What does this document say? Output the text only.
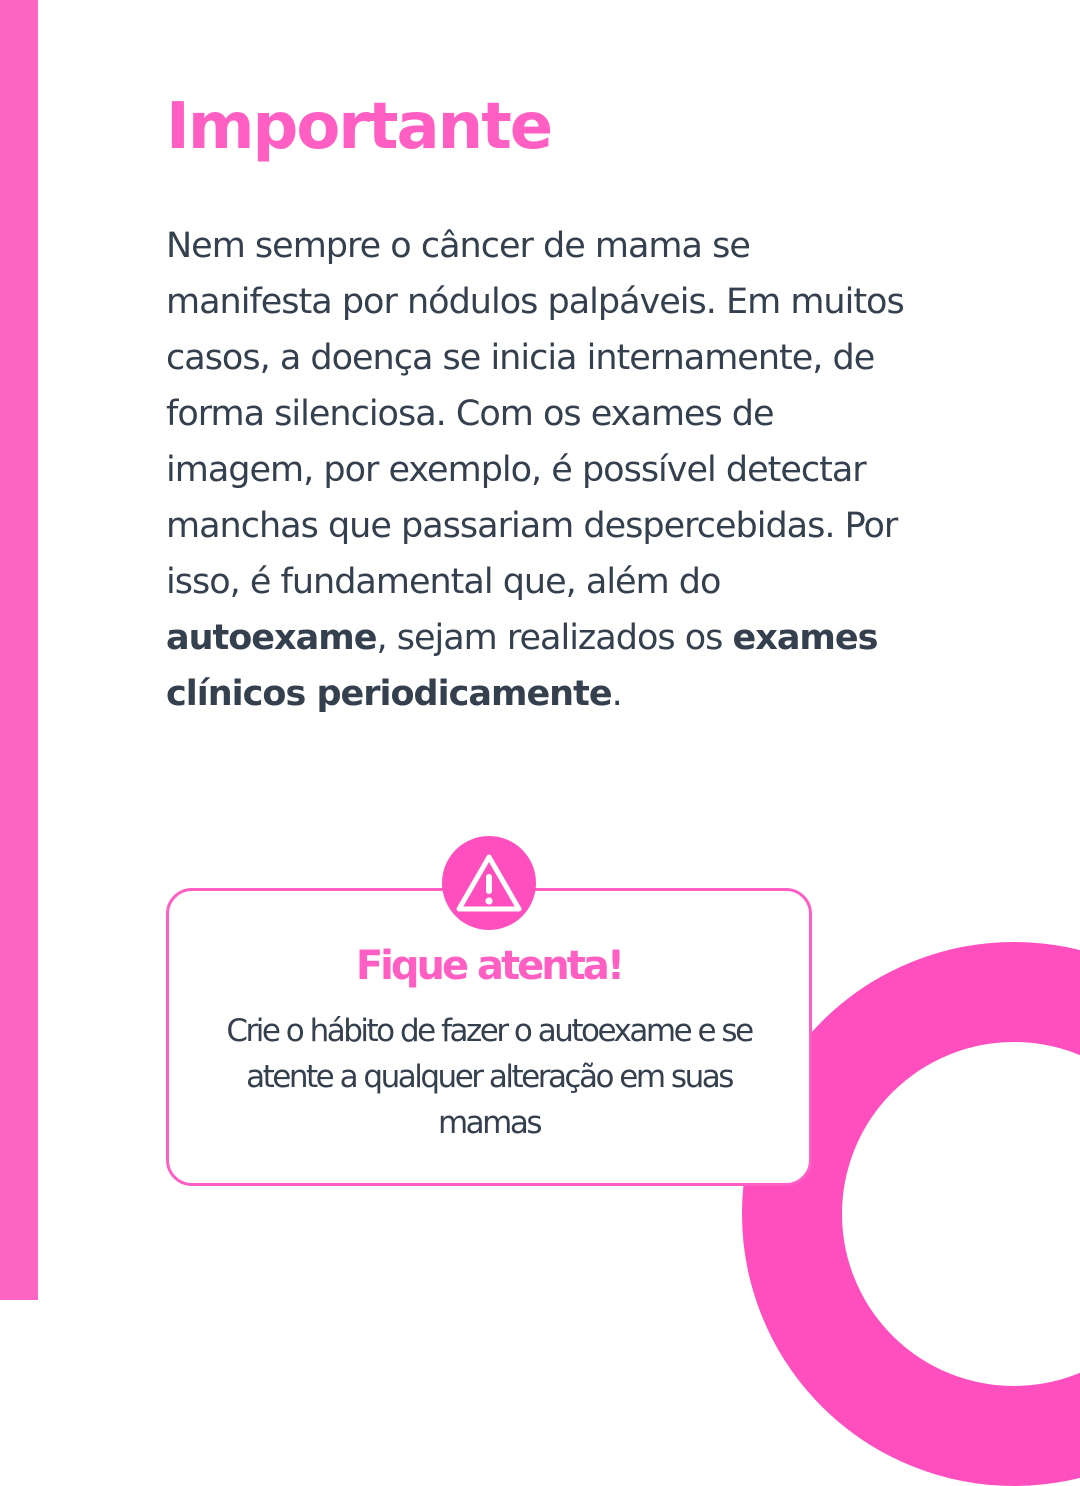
Importante

Nem sempre o câncer de mama se manifesta por nódulos palpáveis. Em muitos casos, a doença se inicia internamente, de forma silenciosa. Com os exames de imagem, por exemplo, é possível detectar manchas que passariam despercebidas. Por isso, é fundamental que, além do autoexame, sejam realizados os exames clínicos periodicamente.

Fique atenta!

Crie o hábito de fazer o autoexame e se atente a qualquer alteração em suas mamas
